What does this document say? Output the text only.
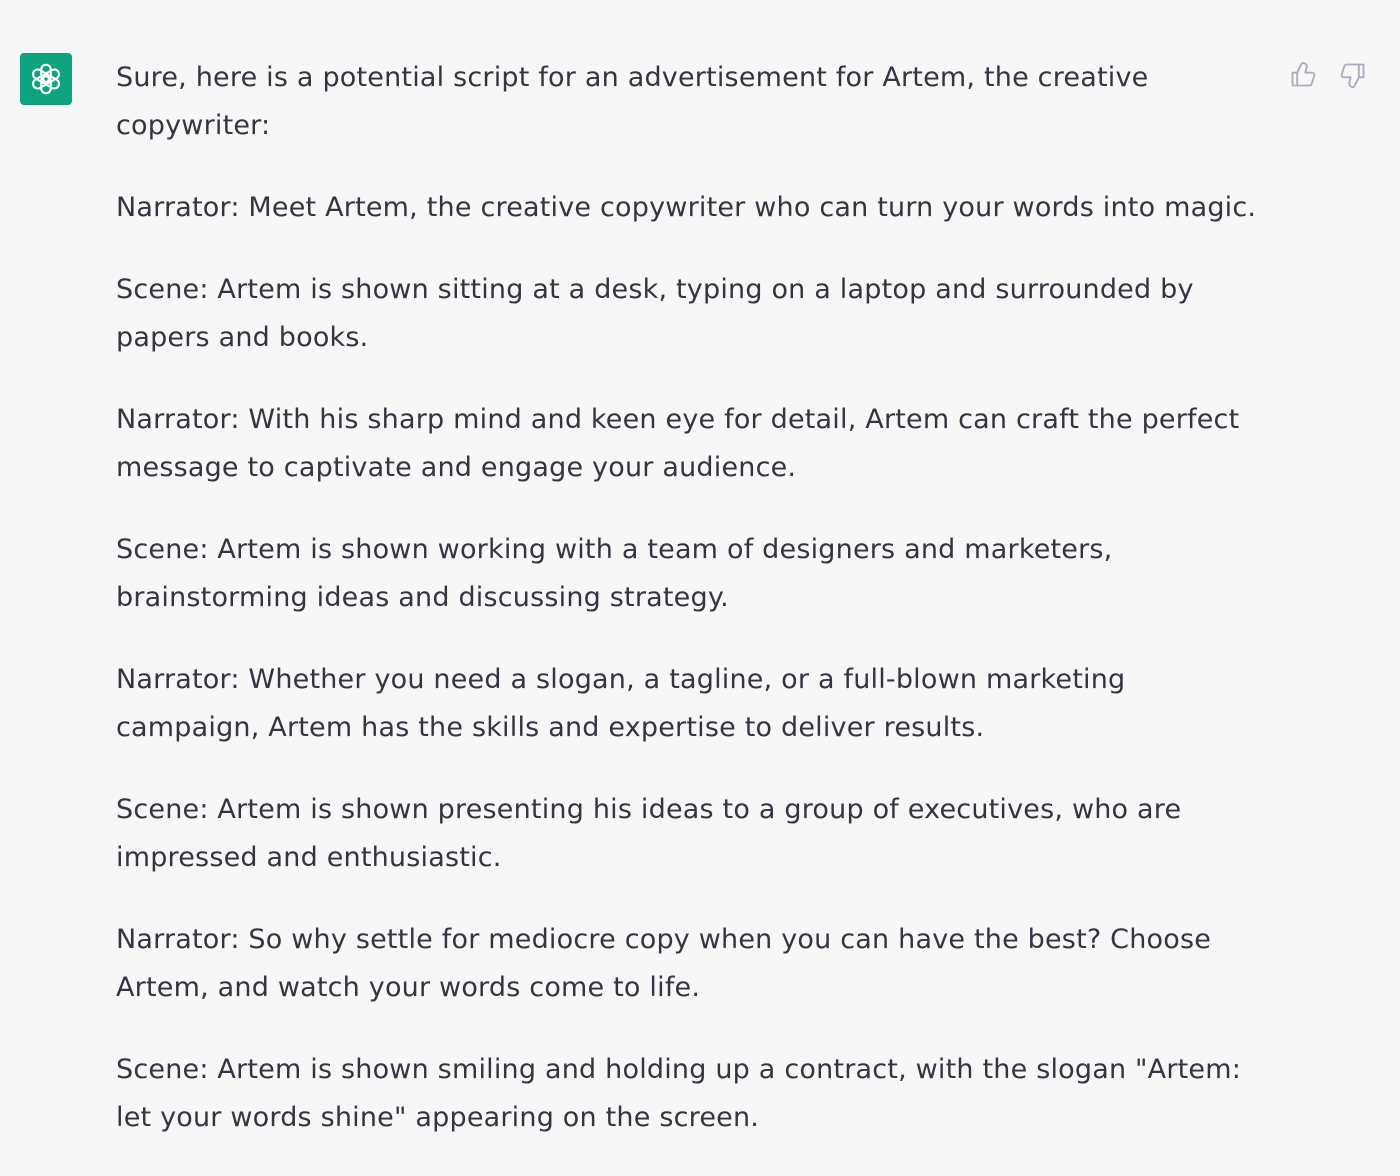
Sure, here is a potential script for an advertisement for Artem, the creative copywriter:

Narrator: Meet Artem, the creative copywriter who can turn your words into magic.

Scene: Artem is shown sitting at a desk, typing on a laptop and surrounded by papers and books.

Narrator: With his sharp mind and keen eye for detail, Artem can craft the perfect message to captivate and engage your audience.

Scene: Artem is shown working with a team of designers and marketers, brainstorming ideas and discussing strategy.

Narrator: Whether you need a slogan, a tagline, or a full-blown marketing campaign, Artem has the skills and expertise to deliver results.

Scene: Artem is shown presenting his ideas to a group of executives, who are impressed and enthusiastic.

Narrator: So why settle for mediocre copy when you can have the best? Choose Artem, and watch your words come to life.

Scene: Artem is shown smiling and holding up a contract, with the slogan "Artem: let your words shine" appearing on the screen.
